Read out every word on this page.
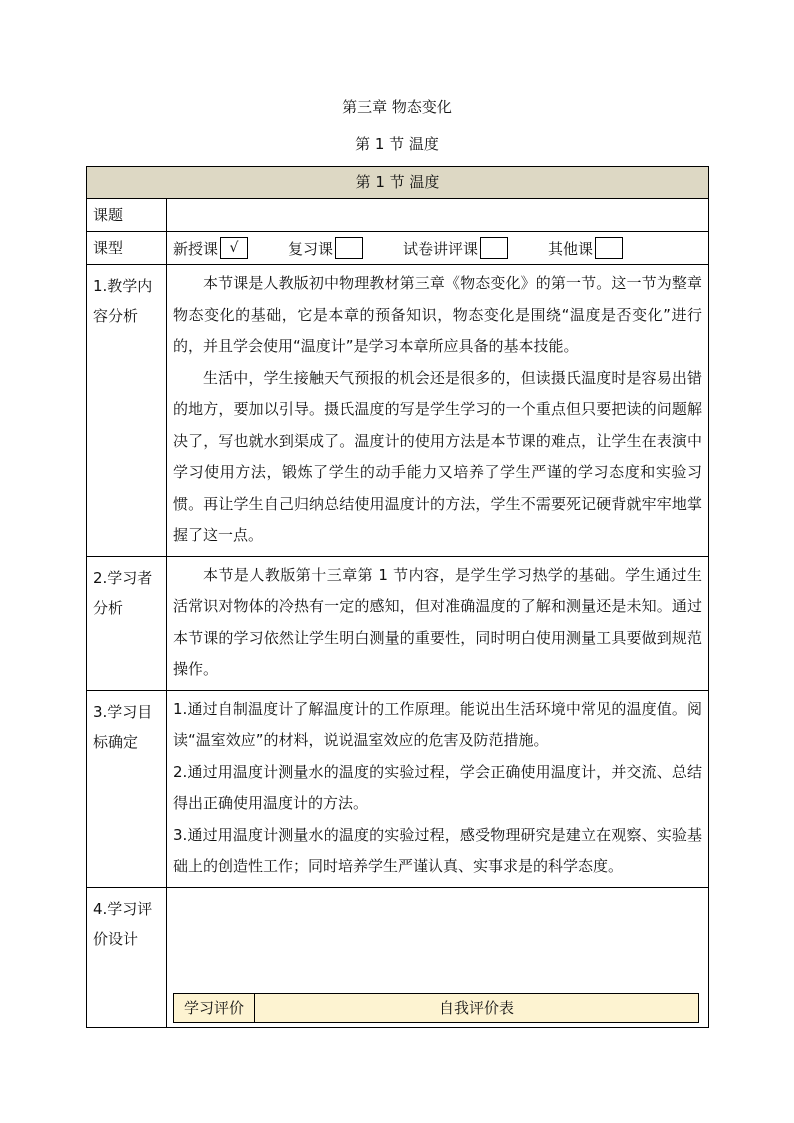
第三章 物态变化
第 1 节 温度
第 1 节 温度
课题	
课型	新授课 √	复习课	试卷讲评课	其他课

1.教学内容分析	

本节课是人教版初中物理教材第三章《物态变化》的第一节。这一节为整章物态变化的基础，它是本章的预备知识，物态变化是围绕“温度是否变化”进行的，并且学会使用“温度计”是学习本章所应具备的基本技能。

生活中，学生接触天气预报的机会还是很多的，但读摄氏温度时是容易出错的地方，要加以引导。摄氏温度的写是学生学习的一个重点但只要把读的问题解决了，写也就水到渠成了。温度计的使用方法是本节课的难点，让学生在表演中学习使用方法，锻炼了学生的动手能力又培养了学生严谨的学习态度和实验习惯。再让学生自己归纳总结使用温度计的方法，学生不需要死记硬背就牢牢地掌握了这一点。

2.学习者分析	

本节是人教版第十三章第 1 节内容，是学生学习热学的基础。学生通过生活常识对物体的冷热有一定的感知，但对准确温度的了解和测量还是未知。通过本节课的学习依然让学生明白测量的重要性，同时明白使用测量工具要做到规范操作。

3.学习目标确定	

1.通过自制温度计了解温度计的工作原理。能说出生活环境中常见的温度值。阅读“温室效应”的材料，说说温室效应的危害及防范措施。

2.通过用温度计测量水的温度的实验过程，学会正确使用温度计，并交流、总结得出正确使用温度计的方法。

3.通过用温度计测量水的温度的实验过程，感受物理研究是建立在观察、实验基础上的创造性工作；同时培养学生严谨认真、实事求是的科学态度。

4.学习评价设计	
学习评价	自我评价表
